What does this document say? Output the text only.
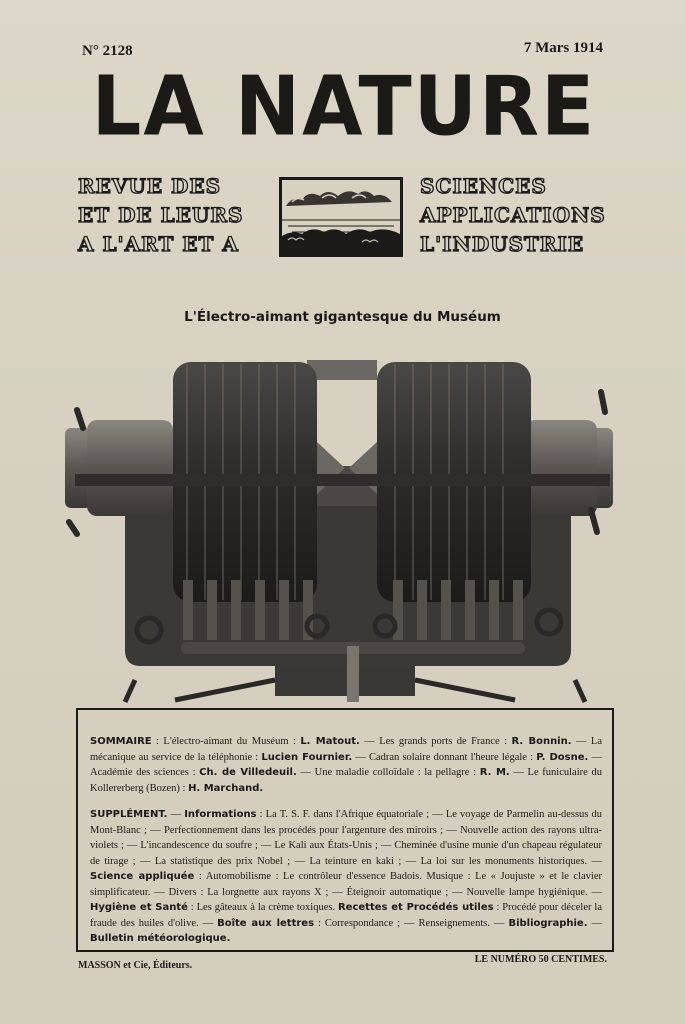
N° 2128	7 Mars 1914
LA NATURE
REVUE DES
ET DE LEURS
A L'ART ET A
SCIENCES
APPLICATIONS
L'INDUSTRIE
L'Électro-aimant gigantesque du Muséum

SOMMAIRE : L'électro-aimant du Muséum : L. Matout. — Les grands ports de France : R. Bonnin. — La mécanique au service de la téléphonie : Lucien Fournier. — Cadran solaire donnant l'heure légale : P. Dosne. — Académie des sciences : Ch. de Villedeuil. — Une maladie colloïdale : la pellagre : R. M. — Le funiculaire du Kollererberg (Bozen) : H. Marchand.

SUPPLÉMENT. — Informations : La T. S. F. dans l'Afrique équatoriale ; — Le voyage de Parmelin au-dessus du Mont-Blanc ; — Perfectionnement dans les procédés pour l'argenture des miroirs ; — Nouvelle action des rayons ultra-violets ; — L'incandescence du soufre ; — Le Kali aux États-Unis ; — Cheminée d'usine munie d'un chapeau régulateur de tirage ; — La statistique des prix Nobel ; — La teinture en kaki ; — La loi sur les monuments historiques. — Science appliquée : Automobilisme : Le contrôleur d'essence Badois. Musique : Le « Joujuste » et le clavier simplificateur. — Divers : La lorgnette aux rayons X ; — Éteignoir automatique ; — Nouvelle lampe hygiénique. — Hygiène et Santé : Les gâteaux à la crème toxiques. Recettes et Procédés utiles : Procédé pour déceler la fraude des huiles d'olive. — Boîte aux lettres : Correspondance ; — Renseignements. — Bibliographie. — Bulletin météorologique.

MASSON et Cie, Éditeurs.
LE NUMÉRO 50 CENTIMES.
